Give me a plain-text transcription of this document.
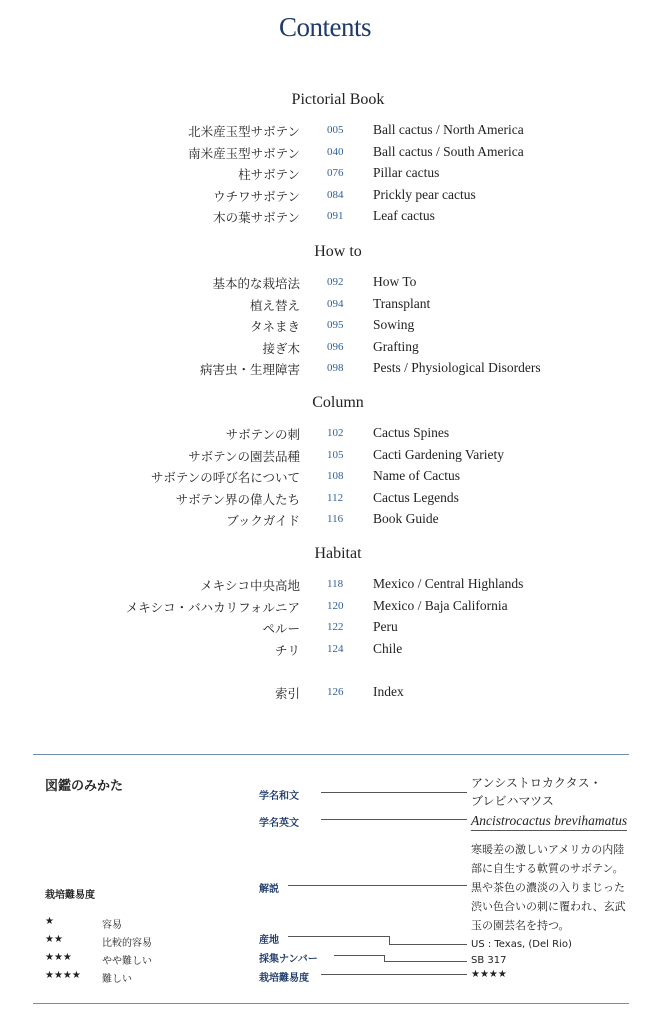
Contents
Pictorial Book
北米産玉型サボテン 005 Ball cactus / North America
南米産玉型サボテン 040 Ball cactus / South America
柱サボテン 076 Pillar cactus
ウチワサボテン 084 Prickly pear cactus
木の葉サボテン 091 Leaf cactus
How to
基本的な栽培法 092 How To
植え替え 094 Transplant
タネまき 095 Sowing
接ぎ木 096 Grafting
病害虫・生理障害 098 Pests / Physiological Disorders
Column
サボテンの刺 102 Cactus Spines
サボテンの園芸品種 105 Cacti Gardening Variety
サボテンの呼び名について 108 Name of Cactus
サボテン界の偉人たち 112 Cactus Legends
ブックガイド 116 Book Guide
Habitat
メキシコ中央高地 118 Mexico / Central Highlands
メキシコ・バハカリフォルニア 120 Mexico / Baja California
ペルー 122 Peru
チリ 124 Chile
索引 126 Index
図鑑のみかた
栽培難易度
★	容易
★★	比較的容易
★★★	やや難しい
★★★★ 難しい
学名和文
学名英文
解説
産地
採集ナンバー
栽培難易度
アンシストロカクタス・
ブレビハマツス
Ancistrocactus brevihamatus
寒暖差の激しいアメリカの内陸部に自生する軟質のサボテン。黒や茶色の濃淡の入りまじった渋い色合いの刺に覆われ、玄武玉の園芸名を持つ。
US : Texas, (Del Rio)
SB 317
★★★★
